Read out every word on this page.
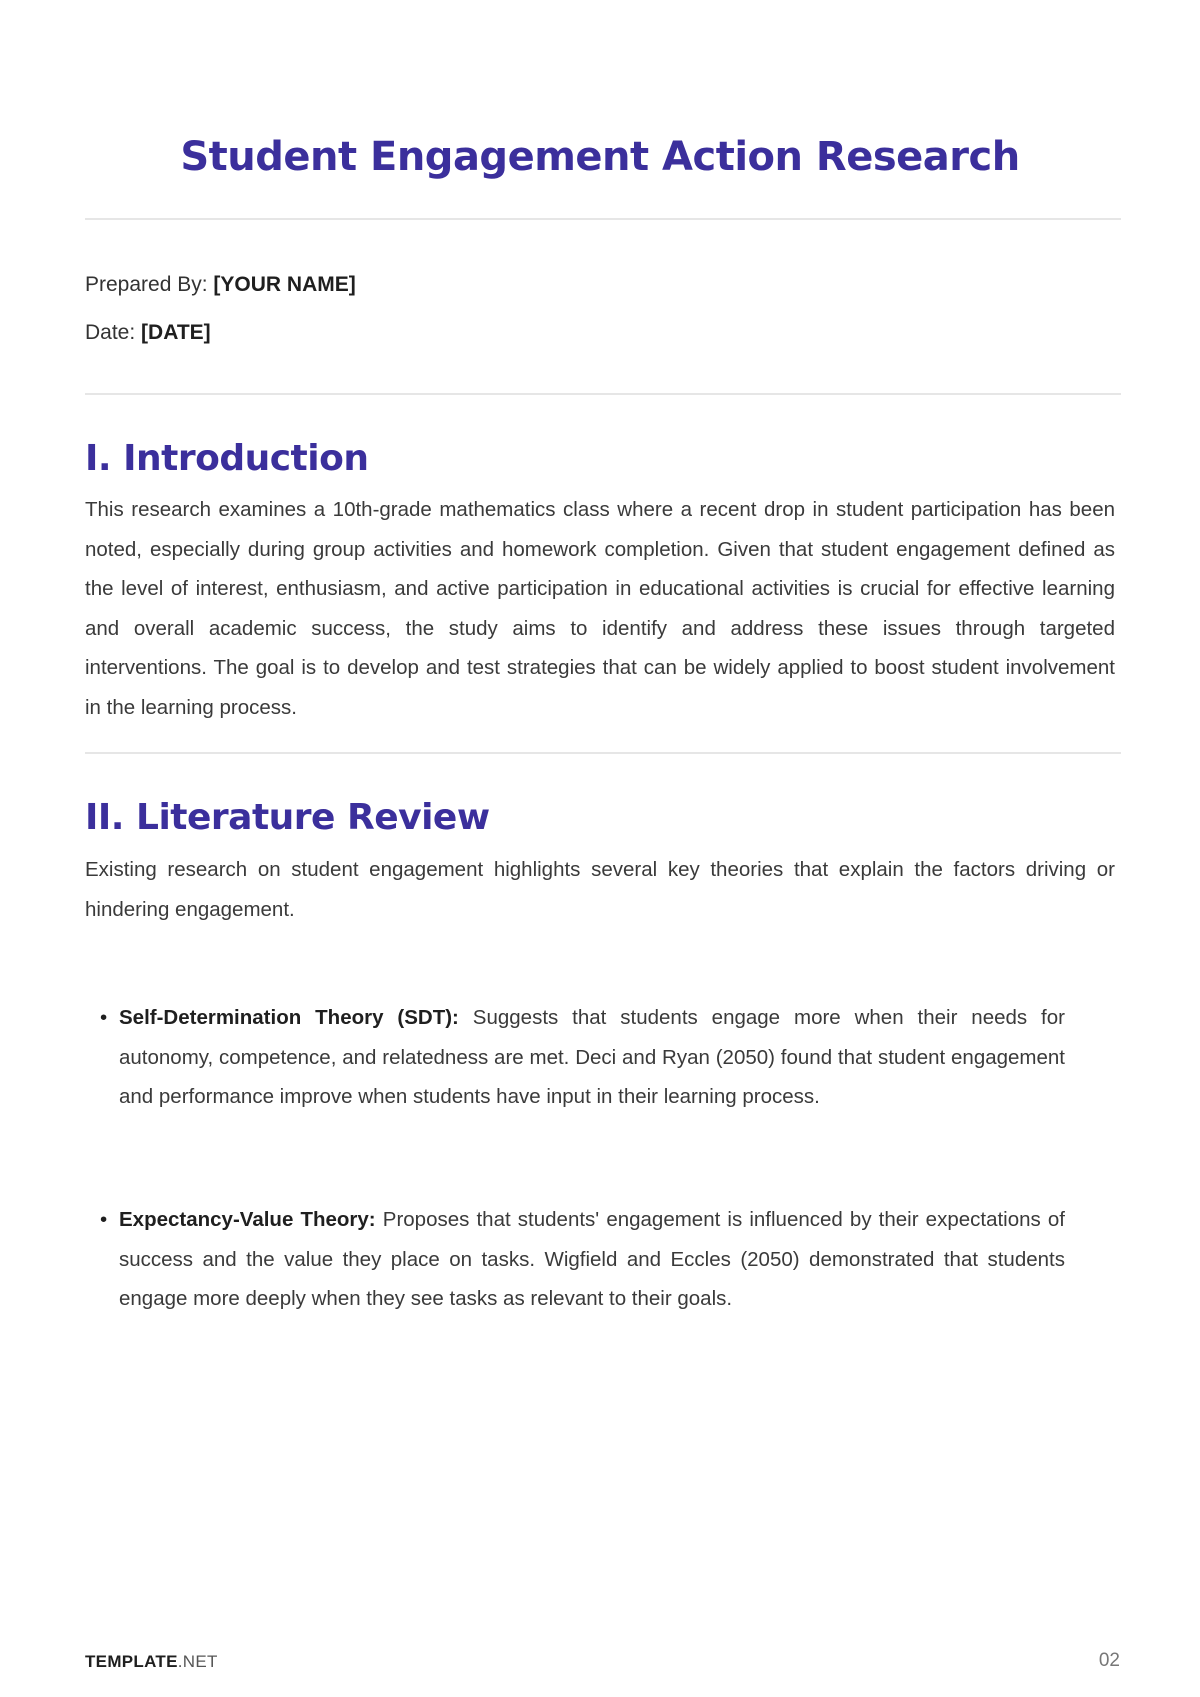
Student Engagement Action Research

Prepared By: [YOUR NAME]

Date: [DATE]

I. Introduction

This research examines a 10th-grade mathematics class where a recent drop in student participation has been noted, especially during group activities and homework completion. Given that student engagement defined as the level of interest, enthusiasm, and active participation in educational activities is crucial for effective learning and overall academic success, the study aims to identify and address these issues through targeted interventions. The goal is to develop and test strategies that can be widely applied to boost student involvement in the learning process.

II. Literature Review

Existing research on student engagement highlights several key theories that explain the factors driving or hindering engagement.

• Self-Determination Theory (SDT): Suggests that students engage more when their needs for autonomy, competence, and relatedness are met. Deci and Ryan (2050) found that student engagement and performance improve when students have input in their learning process.

• Expectancy-Value Theory: Proposes that students' engagement is influenced by their expectations of success and the value they place on tasks. Wigfield and Eccles (2050) demonstrated that students engage more deeply when they see tasks as relevant to their goals.

TEMPLATE.NET	02
